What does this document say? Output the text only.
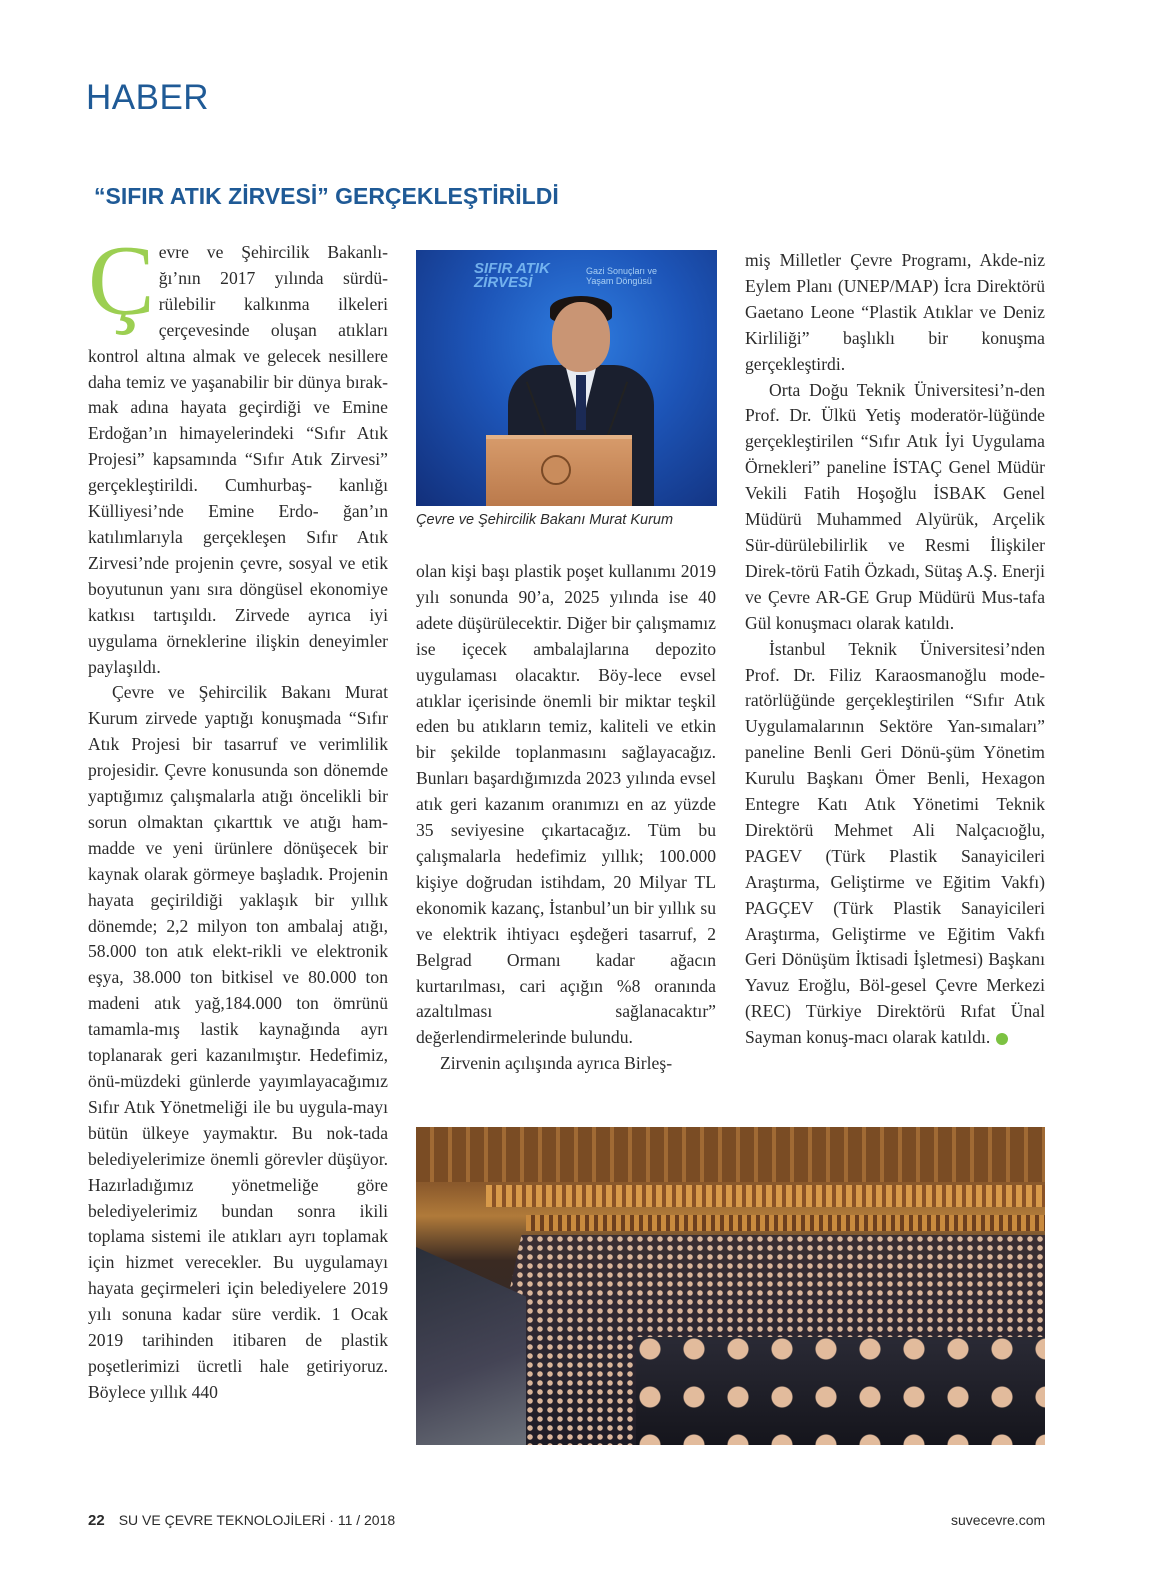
HABER
“SIFIR ATIK ZİRVESİ” GERÇEKLEŞTİRİLDİ

Çevre ve Şehircilik Bakanlı- ğı’nın 2017 yılında sürdü- rülebilir kalkınma ilkeleri çerçevesinde oluşan atıkları kontrol altına almak ve gelecek nesillere daha temiz ve yaşanabilir bir dünya bırak- mak adına hayata geçirdiği ve Emine Erdoğan’ın himayelerindeki “Sıfır Atık Projesi” kapsamında “Sıfır Atık Zirvesi” gerçekleştirildi. Cumhurbaş- kanlığı Külliyesi’nde Emine Erdo- ğan’ın katılımlarıyla gerçekleşen Sıfır Atık Zirvesi’nde projenin çevre, sosyal ve etik boyutunun yanı sıra döngüsel ekonomiye katkısı tartışıldı. Zirvede ayrıca iyi uygulama örneklerine ilişkin deneyimler paylaşıldı.

Çevre ve Şehircilik Bakanı Murat Kurum zirvede yaptığı konuşmada “Sıfır Atık Projesi bir tasarruf ve verimlilik projesidir. Çevre konusunda son dönemde yaptığımız çalışmalarla atığı öncelikli bir sorun olmaktan çıkarttık ve atığı ham-madde ve yeni ürünlere dönüşecek bir kaynak olarak görmeye başladık. Projenin hayata geçirildiği yaklaşık bir yıllık dönemde; 2,2 milyon ton ambalaj atığı, 58.000 ton atık elekt-rikli ve elektronik eşya, 38.000 ton bitkisel ve 80.000 ton madeni atık yağ,184.000 ton ömrünü tamamla-mış lastik kaynağında ayrı toplanarak geri kazanılmıştır. Hedefimiz, önü-müzdeki günlerde yayımlayacağımız Sıfır Atık Yönetmeliği ile bu uygula-mayı bütün ülkeye yaymaktır. Bu nok-tada belediyelerimize önemli görevler düşüyor. Hazırladığımız yönetmeliğe göre belediyelerimiz bundan sonra ikili toplama sistemi ile atıkları ayrı toplamak için hizmet verecekler. Bu uygulamayı hayata geçirmeleri için belediyelere 2019 yılı sonuna kadar süre verdik. 1 Ocak 2019 tarihinden itibaren de plastik poşetlerimizi ücretli hale getiriyoruz. Böylece yıllık 440

SIFIR ATIK ZİRVESİ
Gazi Sonuçları ve Yaşam Döngüsü
Çevre ve Şehircilik Bakanı Murat Kurum

olan kişi başı plastik poşet kullanımı 2019 yılı sonunda 90’a, 2025 yılında ise 40 adete düşürülecektir. Diğer bir çalışmamız ise içecek ambalajlarına depozito uygulaması olacaktır. Böy-lece evsel atıklar içerisinde önemli bir miktar teşkil eden bu atıkların temiz, kaliteli ve etkin bir şekilde toplanmasını sağlayacağız. Bunları başardığımızda 2023 yılında evsel atık geri kazanım oranımızı en az yüzde 35 seviyesine çıkartacağız. Tüm bu çalışmalarla hedefimiz yıllık; 100.000 kişiye doğrudan istihdam, 20 Milyar TL ekonomik kazanç, İstanbul’un bir yıllık su ve elektrik ihtiyacı eşdeğeri tasarruf, 2 Belgrad Ormanı kadar ağacın kurtarılması, cari açığın %8 oranında azaltılması sağlanacaktır” değerlendirmelerinde bulundu.

Zirvenin açılışında ayrıca Birleş-

miş Milletler Çevre Programı, Akde-niz Eylem Planı (UNEP/MAP) İcra Direktörü Gaetano Leone “Plastik Atıklar ve Deniz Kirliliği” başlıklı bir konuşma gerçekleştirdi.

Orta Doğu Teknik Üniversitesi’n-den Prof. Dr. Ülkü Yetiş moderatör-lüğünde gerçekleştirilen “Sıfır Atık İyi Uygulama Örnekleri” paneline İSTAÇ Genel Müdür Vekili Fatih Hoşoğlu İSBAK Genel Müdürü Muhammed Alyürük, Arçelik Sür-dürülebilirlik ve Resmi İlişkiler Direk-törü Fatih Özkadı, Sütaş A.Ş. Enerji ve Çevre AR-GE Grup Müdürü Mus-tafa Gül konuşmacı olarak katıldı.

İstanbul Teknik Üniversitesi’nden Prof. Dr. Filiz Karaosmanoğlu mode-ratörlüğünde gerçekleştirilen “Sıfır Atık Uygulamalarının Sektöre Yan-sımaları” paneline Benli Geri Dönü-şüm Yönetim Kurulu Başkanı Ömer Benli, Hexagon Entegre Katı Atık Yönetimi Teknik Direktörü Mehmet Ali Nalçacıoğlu, PAGEV (Türk Plastik Sanayicileri Araştırma, Geliştirme ve Eğitim Vakfı) PAGÇEV (Türk Plastik Sanayicileri Araştırma, Geliştirme ve Eğitim Vakfı Geri Dönüşüm İktisadi İşletmesi) Başkanı Yavuz Eroğlu, Böl-gesel Çevre Merkezi (REC) Türkiye Direktörü Rıfat Ünal Sayman konuş-macı olarak katıldı.

22 SU VE ÇEVRE TEKNOLOJİLERİ · 11 / 2018	suvecevre.com
